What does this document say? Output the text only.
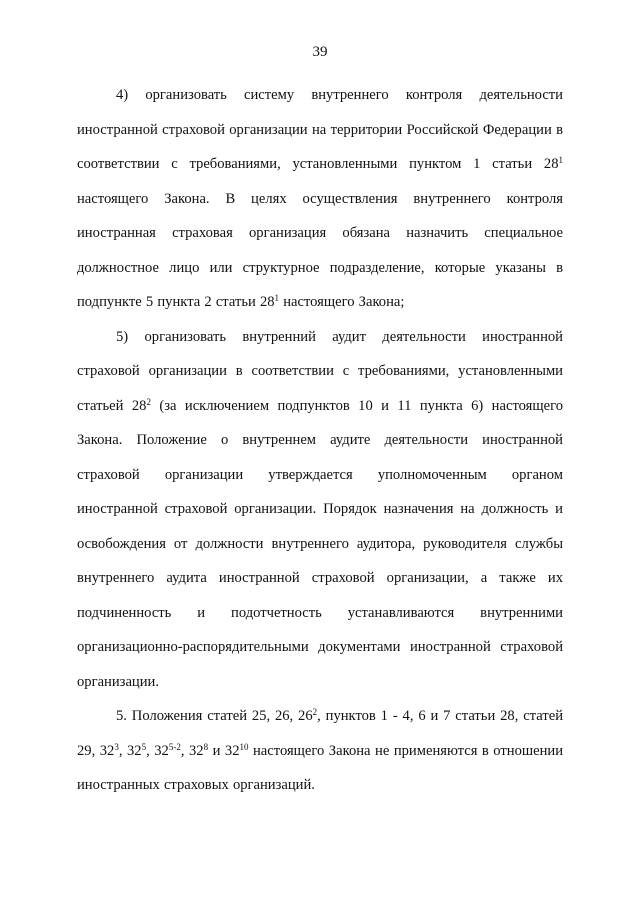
39

4) организовать систему внутреннего контроля деятельности иностранной страховой организации на территории Российской Федерации в соответствии с требованиями, установленными пунктом 1 статьи $28^1$ настоящего Закона. В целях осуществления внутреннего контроля иностранная страховая организация обязана назначить специальное должностное лицо или структурное подразделение, которые указаны в подпункте 5 пункта 2 статьи $28^1$ настоящего Закона;

5) организовать внутренний аудит деятельности иностранной страховой организации в соответствии с требованиями, установленными статьей $28^2$ (за исключением подпунктов 10 и 11 пункта 6) настоящего Закона. Положение о внутреннем аудите деятельности иностранной страховой организации утверждается уполномоченным органом иностранной страховой организации. Порядок назначения на должность и освобождения от должности внутреннего аудитора, руководителя службы внутреннего аудита иностранной страховой организации, а также их подчиненность и подотчетность устанавливаются внутренними организационно-распорядительными документами иностранной страховой организации.

5. Положения статей 25, 26, $26^2$, пунктов 1 - 4, 6 и 7 статьи 28, статей 29, $32^3$, $32^5$, 32$^{5-2}$, $32^8$ и $32^{10}$ настоящего Закона не применяются в отношении иностранных страховых организаций.
